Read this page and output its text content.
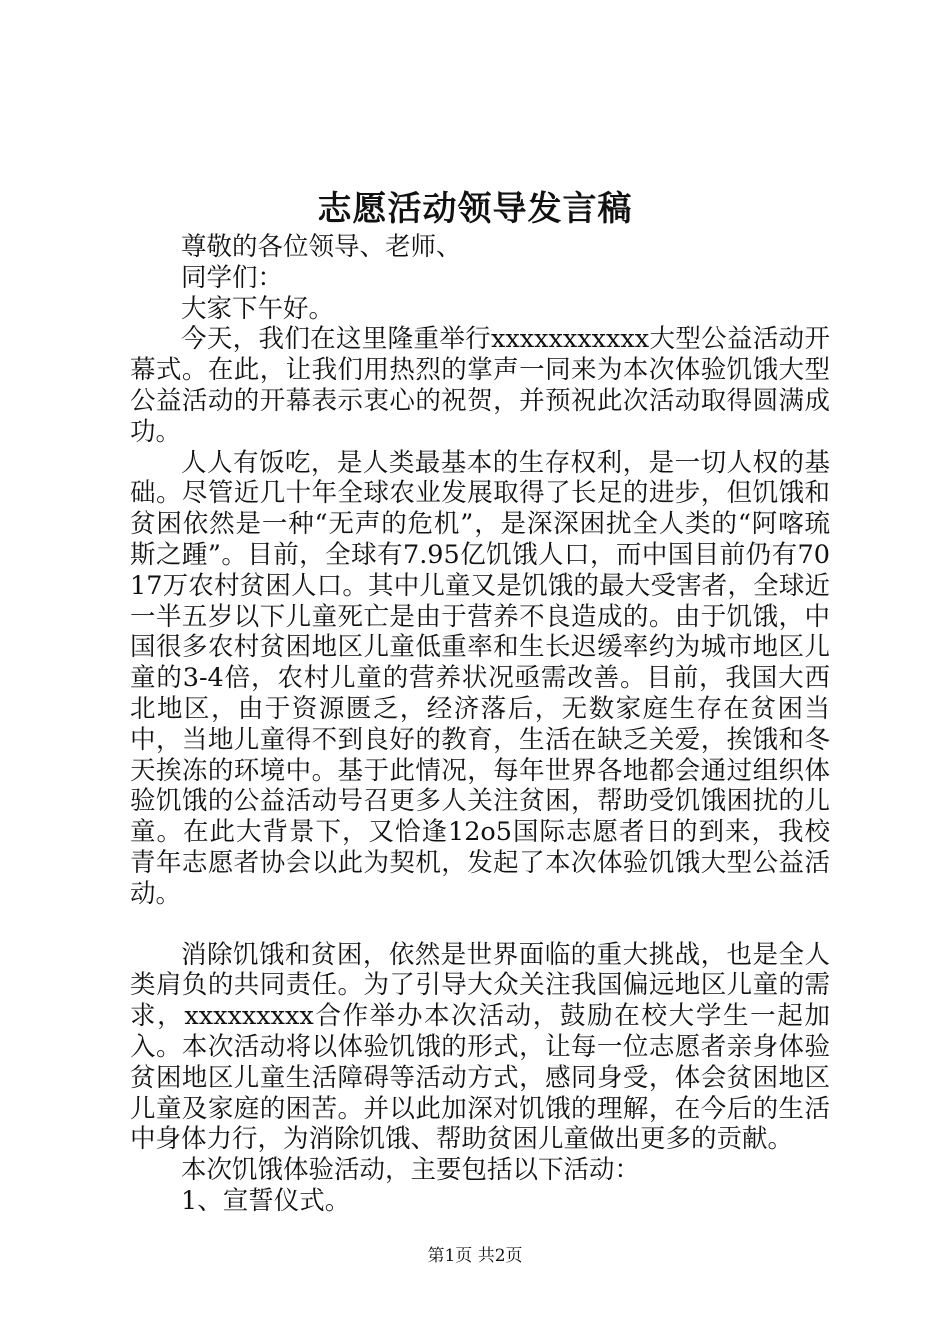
志愿活动领导发言稿

尊敬的各位领导、老师、

同学们：

大家下午好。

今天，我们在这里隆重举行xxxxxxxxxxx大型公益活动开幕式。在此，让我们用热烈的掌声一同来为本次体验饥饿大型公益活动的开幕表示衷心的祝贺，并预祝此次活动取得圆满成功。

人人有饭吃，是人类最基本的生存权利，是一切人权的基础。尽管近几十年全球农业发展取得了长足的进步，但饥饿和贫困依然是一种“无声的危机”，是深深困扰全人类的“阿喀琉斯之踵”。目前，全球有7.95亿饥饿人口，而中国目前仍有7017万农村贫困人口。其中儿童又是饥饿的最大受害者，全球近一半五岁以下儿童死亡是由于营养不良造成的。由于饥饿，中国很多农村贫困地区儿童低重率和生长迟缓率约为城市地区儿童的3-4倍，农村儿童的营养状况亟需改善。目前，我国大西北地区，由于资源匮乏，经济落后，无数家庭生存在贫困当中，当地儿童得不到良好的教育，生活在缺乏关爱，挨饿和冬天挨冻的环境中。基于此情况，每年世界各地都会通过组织体验饥饿的公益活动号召更多人关注贫困，帮助受饥饿困扰的儿童。在此大背景下，又恰逢12o5国际志愿者日的到来，我校青年志愿者协会以此为契机，发起了本次体验饥饿大型公益活动。

消除饥饿和贫困，依然是世界面临的重大挑战，也是全人类肩负的共同责任。为了引导大众关注我国偏远地区儿童的需求，xxxxxxxxx合作举办本次活动，鼓励在校大学生一起加入。本次活动将以体验饥饿的形式，让每一位志愿者亲身体验贫困地区儿童生活障碍等活动方式，感同身受，体会贫困地区儿童及家庭的困苦。并以此加深对饥饿的理解，在今后的生活中身体力行，为消除饥饿、帮助贫困儿童做出更多的贡献。

本次饥饿体验活动，主要包括以下活动：

1、宣誓仪式。

第1页 共2页
